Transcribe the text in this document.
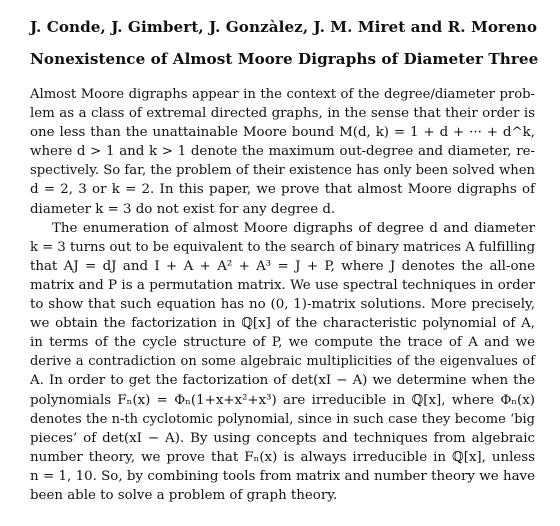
J. Conde, J. Gimbert, J. Gonzàlez, J. M. Miret and R. Moreno

Nonexistence of Almost Moore Digraphs of Diameter Three

Almost Moore digraphs appear in the context of the degree/diameter prob-
lem as a class of extremal directed graphs, in the sense that their order is
one less than the unattainable Moore bound M(d, k) = 1 + d + ··· + d^k,
where d > 1 and k > 1 denote the maximum out-degree and diameter, re-
spectively. So far, the problem of their existence has only been solved when
d = 2, 3 or k = 2. In this paper, we prove that almost Moore digraphs of
diameter k = 3 do not exist for any degree d.
The enumeration of almost Moore digraphs of degree d and diameter
k = 3 turns out to be equivalent to the search of binary matrices A fulfilling
that AJ = dJ and I + A + A² + A³ = J + P, where J denotes the all-one
matrix and P is a permutation matrix. We use spectral techniques in order
to show that such equation has no (0, 1)-matrix solutions. More precisely,
we obtain the factorization in ℚ[x] of the characteristic polynomial of A,
in terms of the cycle structure of P, we compute the trace of A and we
derive a contradiction on some algebraic multiplicities of the eigenvalues of
A. In order to get the factorization of det(xI − A) we determine when the
polynomials Fₙ(x) = Φₙ(1+x+x²+x³) are irreducible in ℚ[x], where Φₙ(x)
denotes the n-th cyclotomic polynomial, since in such case they become ‘big
pieces’ of det(xI − A). By using concepts and techniques from algebraic
number theory, we prove that Fₙ(x) is always irreducible in ℚ[x], unless
n = 1, 10. So, by combining tools from matrix and number theory we have
been able to solve a problem of graph theory.
